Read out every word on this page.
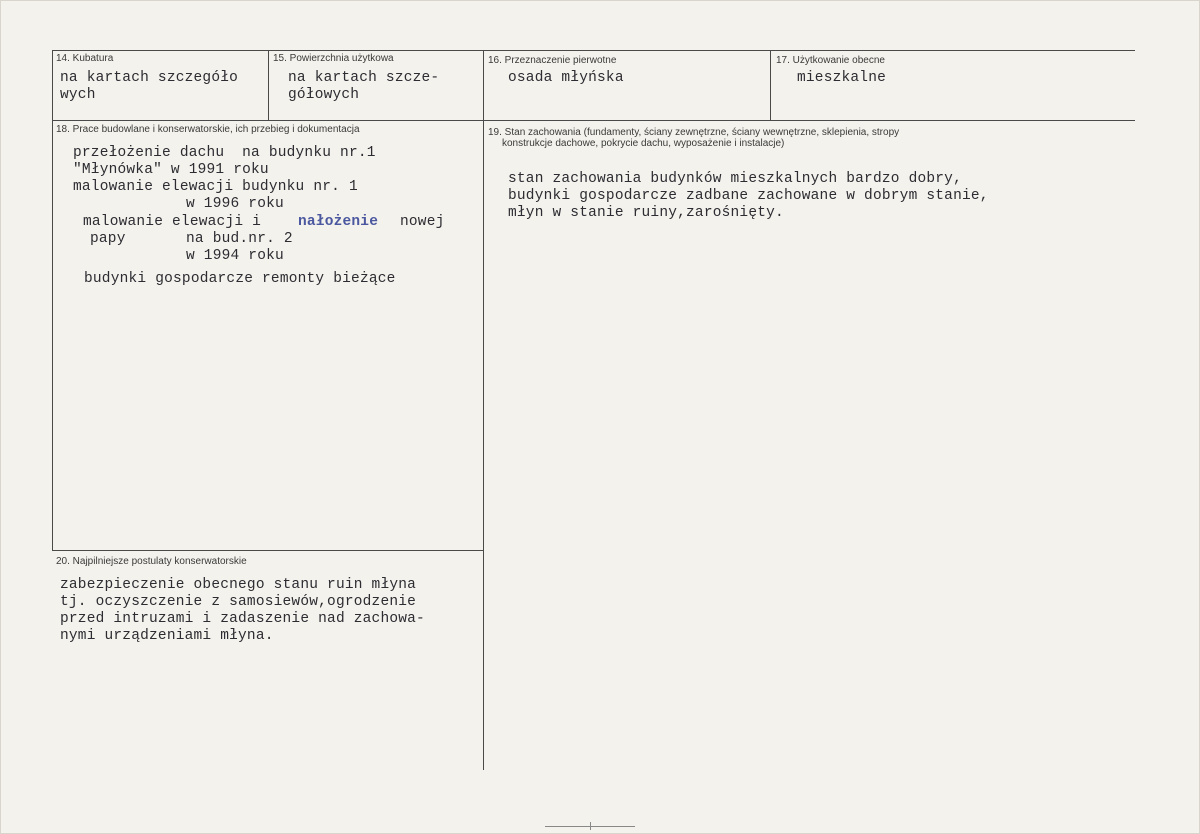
14. Kubatura
na kartach szczegóło
wych
15. Powierzchnia użytkowa
na kartach szcze-
gółowych
16. Przeznaczenie pierwotne
osada młyńska
17. Użytkowanie obecne
mieszkalne
18. Prace budowlane i konserwatorskie, ich przebieg i dokumentacja
przełożenie dachu  na budynku nr.1
"Młynówka" w 1991 roku
malowanie elewacji budynku nr. 1
w 1996 roku
malowanie elewacji i	nałożenie nowej
papy	na bud.nr. 2
w 1994 roku
budynki gospodarcze remonty bieżące
19. Stan zachowania (fundamenty, ściany zewnętrzne, ściany wewnętrzne, sklepienia, stropy
konstrukcje dachowe, pokrycie dachu, wyposażenie i instalacje)
stan zachowania budynków mieszkalnych bardzo dobry,
budynki gospodarcze zadbane zachowane w dobrym stanie,
młyn w stanie ruiny,zarośnięty.
20. Najpilniejsze postulaty konserwatorskie
zabezpieczenie obecnego stanu ruin młyna
tj. oczyszczenie z samosiewów,ogrodzenie
przed intruzami i zadaszenie nad zachowa-
nymi urządzeniami młyna.
